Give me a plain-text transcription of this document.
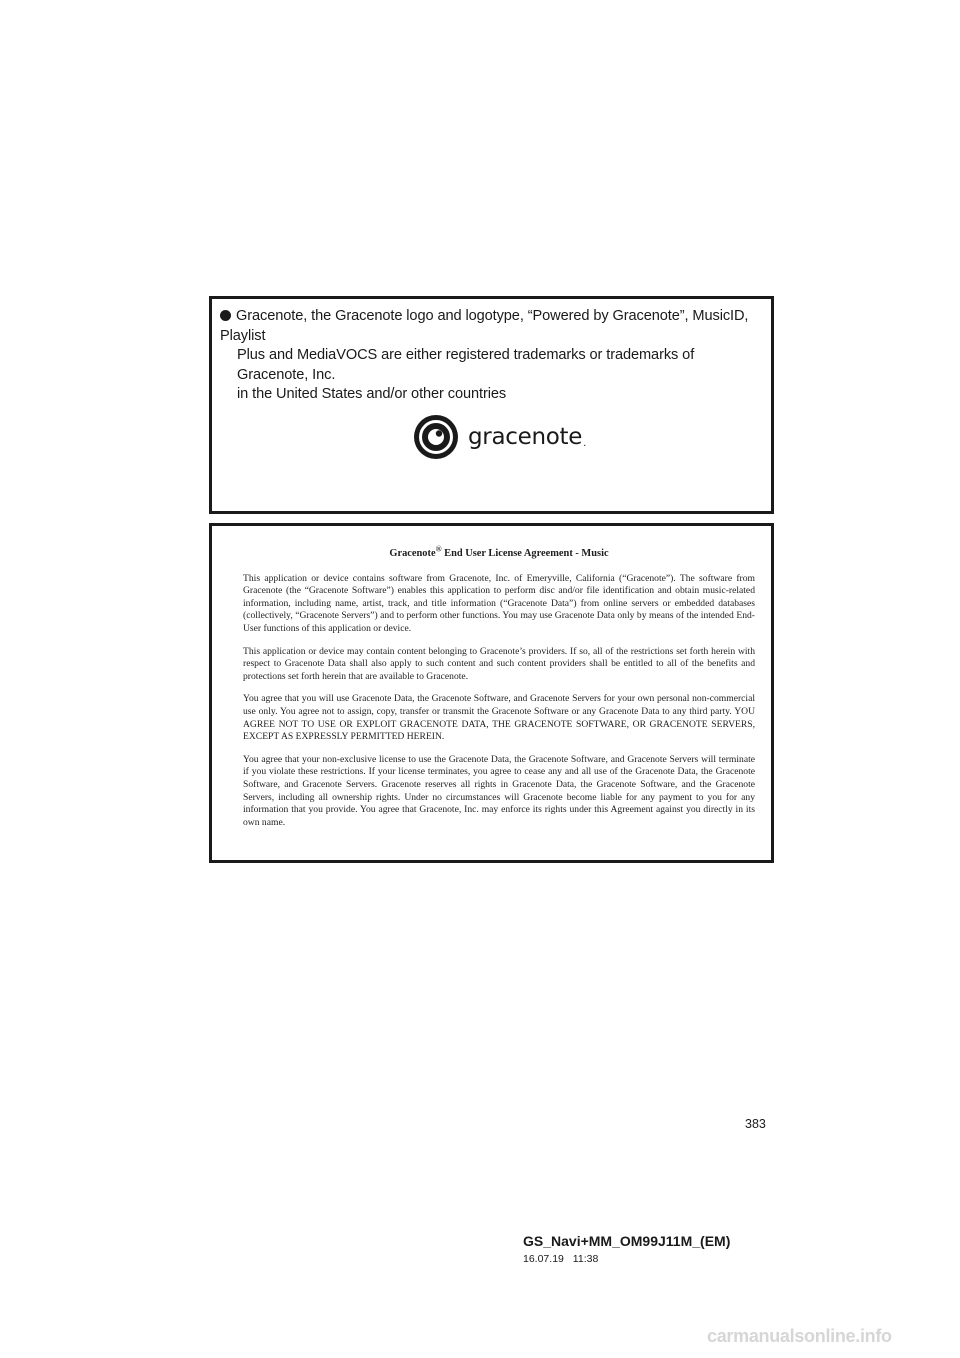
Gracenote, the Gracenote logo and logotype, “Powered by Gracenote”, MusicID, Playlist
Plus and MediaVOCS are either registered trademarks or trademarks of Gracenote, Inc.
in the United States and/or other countries
gracenote.
Gracenote® End User License Agreement - Music

This application or device contains software from Gracenote, Inc. of Emeryville, California (“Gracenote”). The software from Gracenote (the “Gracenote Software”) enables this application to perform disc and/or file identification and obtain music-related information, including name, artist, track, and title information (“Gracenote Data”) from online servers or embedded databases (collectively, “Gracenote Servers”) and to perform other functions. You may use Gracenote Data only by means of the intended End-User functions of this application or device.

This application or device may contain content belonging to Gracenote’s providers. If so, all of the restrictions set forth herein with respect to Gracenote Data shall also apply to such content and such content providers shall be entitled to all of the benefits and protections set forth herein that are available to Gracenote.

You agree that you will use Gracenote Data, the Gracenote Software, and Gracenote Servers for your own personal non-commercial use only. You agree not to assign, copy, transfer or transmit the Gracenote Software or any Gracenote Data to any third party. YOU AGREE NOT TO USE OR EXPLOIT GRACENOTE DATA, THE GRACENOTE SOFTWARE, OR GRACENOTE SERVERS, EXCEPT AS EXPRESSLY PERMITTED HEREIN.

You agree that your non-exclusive license to use the Gracenote Data, the Gracenote Software, and Gracenote Servers will terminate if you violate these restrictions. If your license terminates, you agree to cease any and all use of the Gracenote Data, the Gracenote Software, and Gracenote Servers. Gracenote reserves all rights in Gracenote Data, the Gracenote Software, and the Gracenote Servers, including all ownership rights. Under no circumstances will Gracenote become liable for any payment to you for any information that you provide. You agree that Gracenote, Inc. may enforce its rights under this Agreement against you directly in its own name.

383
GS_Navi+MM_OM99J11M_(EM)
16.07.19 11:38
carmanualsonline.info
